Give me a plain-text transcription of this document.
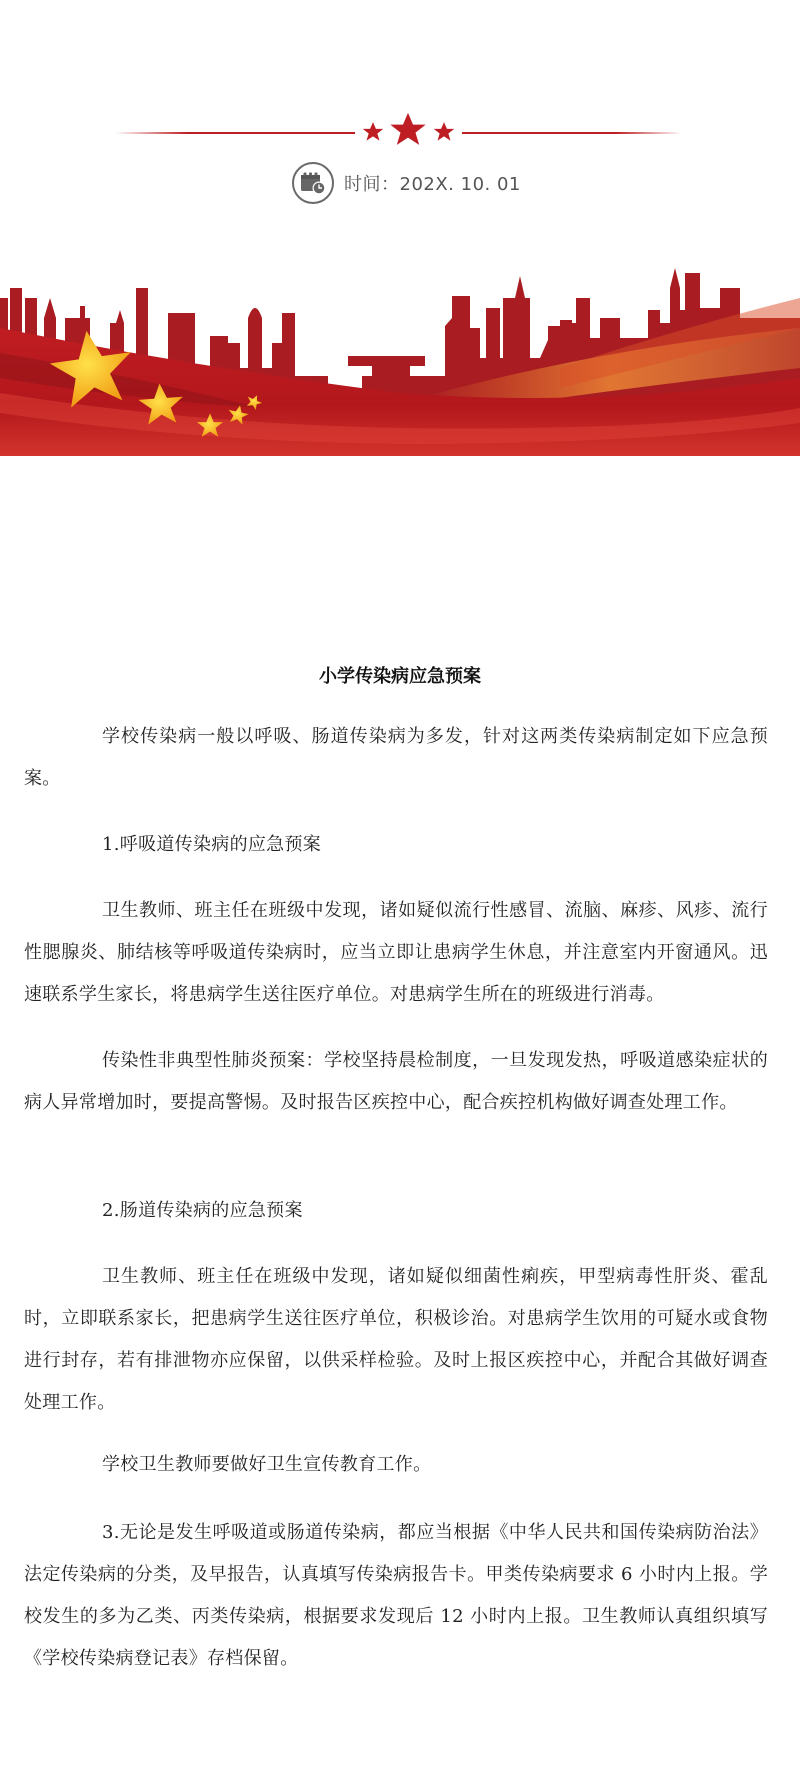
时间：202X. 10. 01
小学传染病应急预案

学校传染病一般以呼吸、肠道传染病为多发，针对这两类传染病制定如下应急预案。

1.呼吸道传染病的应急预案

卫生教师、班主任在班级中发现，诸如疑似流行性感冒、流脑、麻疹、风疹、流行性腮腺炎、肺结核等呼吸道传染病时，应当立即让患病学生休息，并注意室内开窗通风。迅速联系学生家长，将患病学生送往医疗单位。对患病学生所在的班级进行消毒。

传染性非典型性肺炎预案：学校坚持晨检制度，一旦发现发热，呼吸道感染症状的病人异常增加时，要提高警惕。及时报告区疾控中心，配合疾控机构做好调查处理工作。

2.肠道传染病的应急预案

卫生教师、班主任在班级中发现，诸如疑似细菌性痢疾，甲型病毒性肝炎、霍乱时，立即联系家长，把患病学生送往医疗单位，积极诊治。对患病学生饮用的可疑水或食物进行封存，若有排泄物亦应保留，以供采样检验。及时上报区疾控中心，并配合其做好调查处理工作。

学校卫生教师要做好卫生宣传教育工作。

3.无论是发生呼吸道或肠道传染病，都应当根据《中华人民共和国传染病防治法》法定传染病的分类，及早报告，认真填写传染病报告卡。甲类传染病要求 6 小时内上报。学校发生的多为乙类、丙类传染病，根据要求发现后 12 小时内上报。卫生教师认真组织填写《学校传染病登记表》存档保留。
